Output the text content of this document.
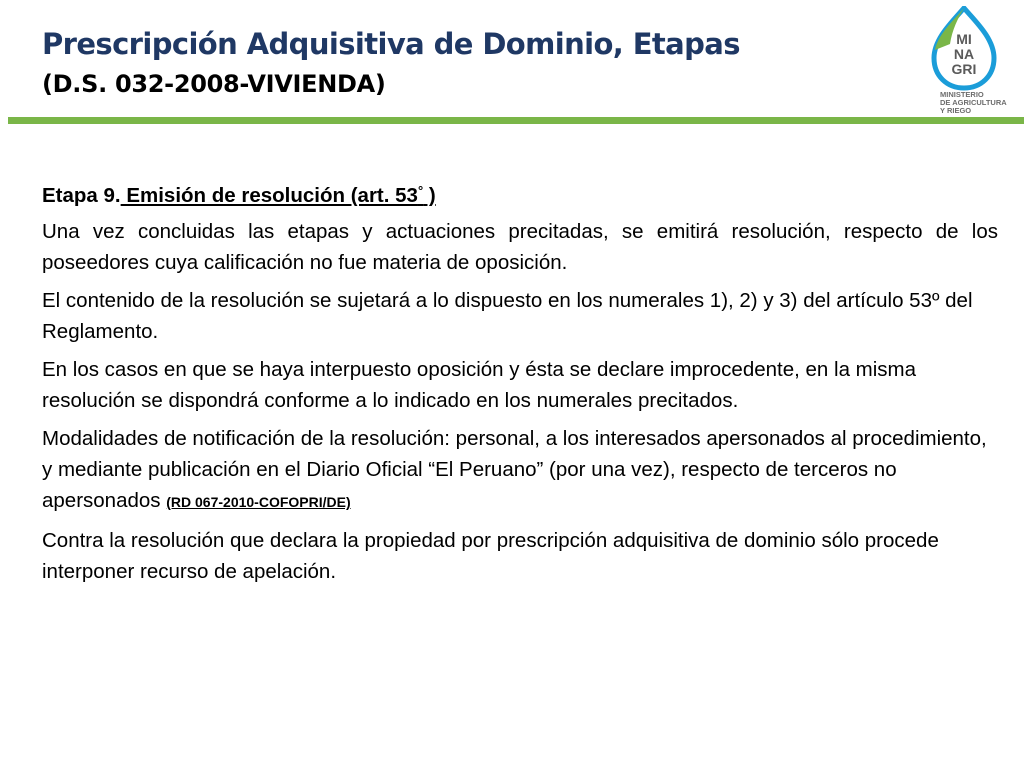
Prescripción Adquisitiva de Dominio, Etapas
(D.S. 032-2008-VIVIENDA)
MI
NA
GRI
MINISTERIO
DE AGRICULTURA
Y RIEGO
Etapa 9. Emisión de resolución (art. 53° )
Una vez concluidas las etapas y actuaciones precitadas, se emitirá resolución, respecto de los poseedores cuya calificación no fue materia de oposición.
El contenido de la resolución se sujetará a lo dispuesto en los numerales 1), 2) y 3) del artículo 53º del Reglamento.
En los casos en que se haya interpuesto oposición y ésta se declare improcedente, en la misma resolución se dispondrá conforme a lo indicado en los numerales precitados.
Modalidades de notificación de la resolución: personal, a los interesados apersonados al procedimiento, y mediante publicación en el Diario Oficial “El Peruano” (por una vez), respecto de terceros no apersonados (RD 067-2010-COFOPRI/DE)
Contra la resolución que declara la propiedad por prescripción adquisitiva de dominio sólo procede interponer recurso de apelación.
